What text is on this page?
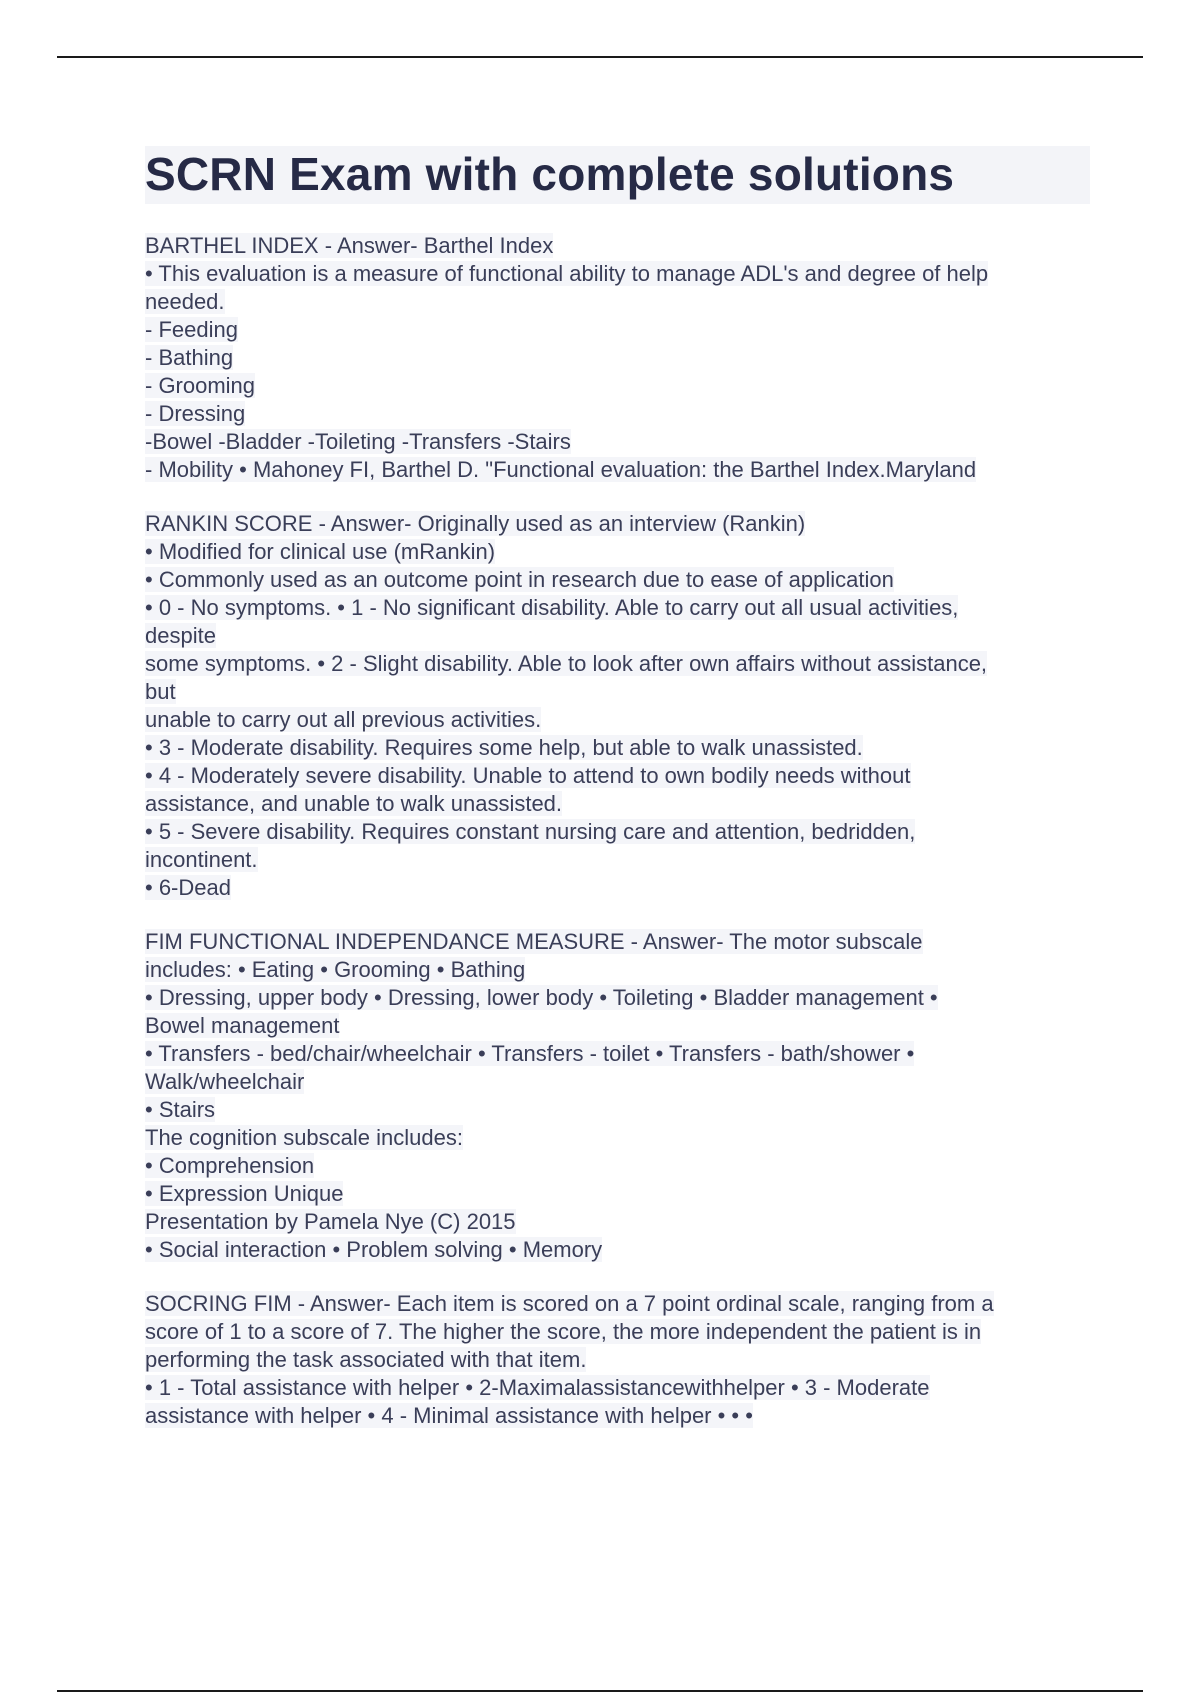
SCRN Exam with complete solutions
BARTHEL INDEX - Answer- Barthel Index
• This evaluation is a measure of functional ability to manage ADL's and degree of help
needed.
- Feeding
- Bathing
- Grooming
- Dressing
-Bowel -Bladder -Toileting -Transfers -Stairs
- Mobility • Mahoney FI, Barthel D. "Functional evaluation: the Barthel Index.Maryland
RANKIN SCORE - Answer- Originally used as an interview (Rankin)
• Modified for clinical use (mRankin)
• Commonly used as an outcome point in research due to ease of application
• 0 - No symptoms. • 1 - No significant disability. Able to carry out all usual activities,
despite
some symptoms. • 2 - Slight disability. Able to look after own affairs without assistance,
but
unable to carry out all previous activities.
• 3 - Moderate disability. Requires some help, but able to walk unassisted.
• 4 - Moderately severe disability. Unable to attend to own bodily needs without
assistance, and unable to walk unassisted.
• 5 - Severe disability. Requires constant nursing care and attention, bedridden,
incontinent.
• 6-Dead
FIM FUNCTIONAL INDEPENDANCE MEASURE - Answer- The motor subscale
includes: • Eating • Grooming • Bathing
• Dressing, upper body • Dressing, lower body • Toileting • Bladder management •
Bowel management
• Transfers - bed/chair/wheelchair • Transfers - toilet • Transfers - bath/shower •
Walk/wheelchair
• Stairs
The cognition subscale includes:
• Comprehension
• Expression Unique
Presentation by Pamela Nye (C) 2015
• Social interaction • Problem solving • Memory
SOCRING FIM - Answer- Each item is scored on a 7 point ordinal scale, ranging from a
score of 1 to a score of 7. The higher the score, the more independent the patient is in
performing the task associated with that item.
• 1 - Total assistance with helper • 2-Maximalassistancewithhelper • 3 - Moderate
assistance with helper • 4 - Minimal assistance with helper • • •
